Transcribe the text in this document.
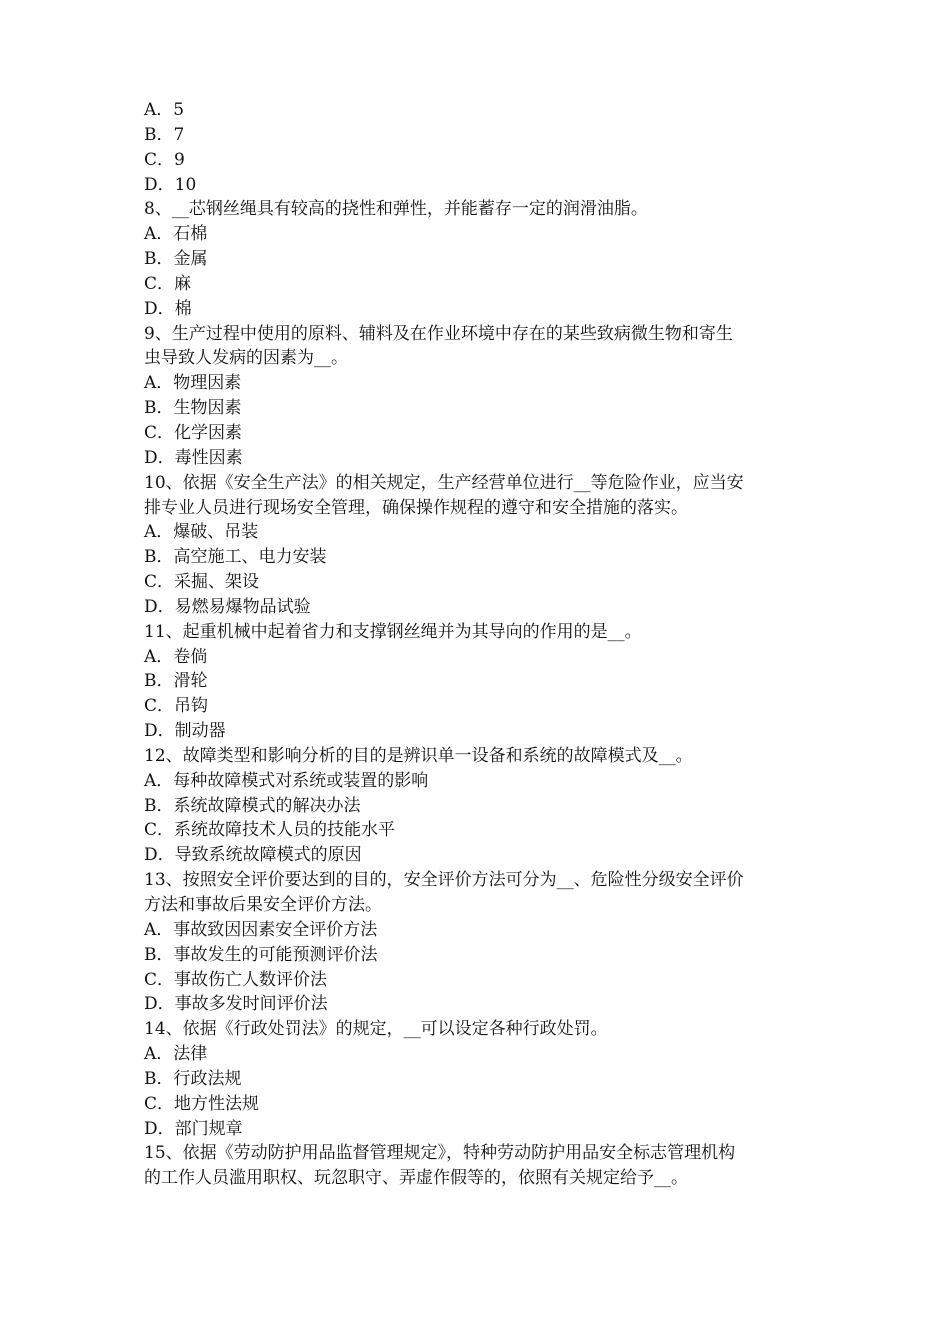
A．5
B．7
C．9
D．10
8、__芯钢丝绳具有较高的挠性和弹性，并能蓄存一定的润滑油脂。
A．石棉
B．金属
C．麻
D．棉
9、生产过程中使用的原料、辅料及在作业环境中存在的某些致病微生物和寄生
虫导致人发病的因素为__。
A．物理因素
B．生物因素
C．化学因素
D．毒性因素
10、依据《安全生产法》的相关规定，生产经营单位进行__等危险作业，应当安
排专业人员进行现场安全管理，确保操作规程的遵守和安全措施的落实。
A．爆破、吊装
B．高空施工、电力安装
C．采掘、架设
D．易燃易爆物品试验
11、起重机械中起着省力和支撑钢丝绳并为其导向的作用的是__。
A．卷倘
B．滑轮
C．吊钩
D．制动器
12、故障类型和影响分析的目的是辨识单一设备和系统的故障模式及__。
A．每种故障模式对系统或装置的影响
B．系统故障模式的解决办法
C．系统故障技术人员的技能水平
D．导致系统故障模式的原因
13、按照安全评价要达到的目的，安全评价方法可分为__、危险性分级安全评价
方法和事故后果安全评价方法。
A．事故致因因素安全评价方法
B．事故发生的可能预测评价法
C．事故伤亡人数评价法
D．事故多发时间评价法
14、依据《行政处罚法》的规定，__可以设定各种行政处罚。
A．法律
B．行政法规
C．地方性法规
D．部门规章
15、依据《劳动防护用品监督管理规定》，特种劳动防护用品安全标志管理机构
的工作人员滥用职权、玩忽职守、弄虚作假等的，依照有关规定给予__。
